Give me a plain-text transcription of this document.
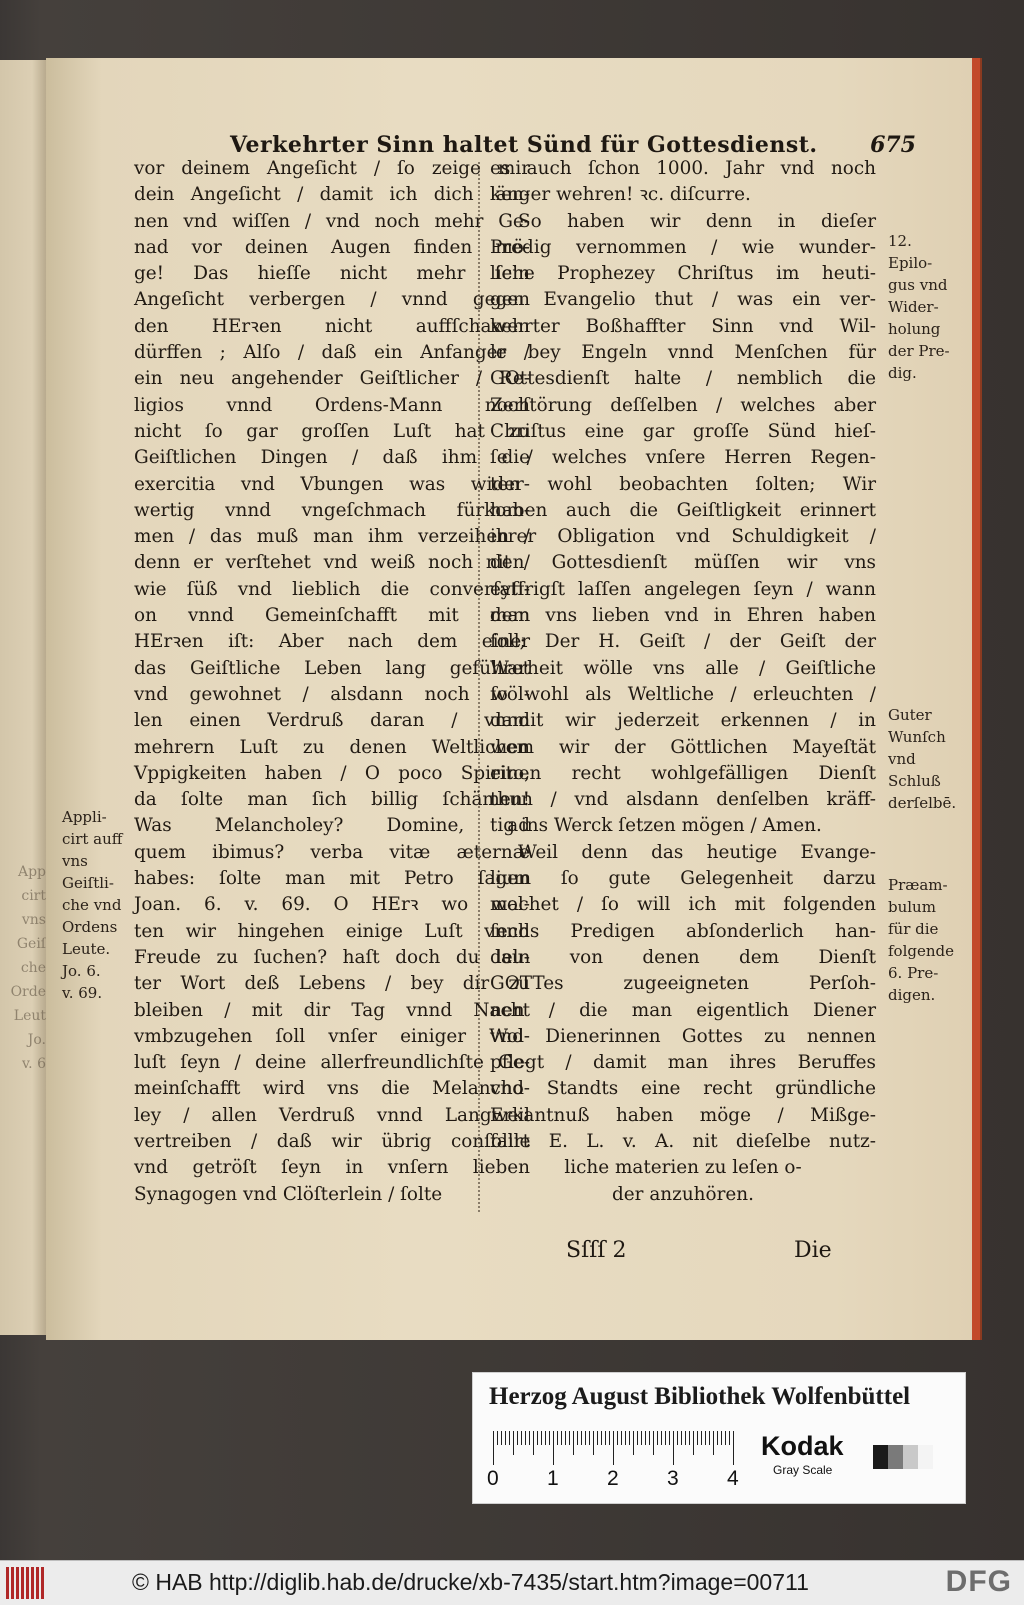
App
cirt
vns
Geiſ
che
Orde
Leut
Jo.
v. 6
Verkehrter Sinn haltet Sünd für Gottesdienst. 675
vor deinem Angeſicht / ſo zeige mir
dein Angeſicht / damit ich dich ken-
nen vnd wiſſen / vnd noch mehr Ge-
nad vor deinen Augen finden mö-
ge! Das hieſſe nicht mehr ſein
Angeſicht verbergen / vnnd gegen
den HErꝛen nicht auffſchawen
dürffen ; Alſo / daß ein Anfanger /
ein neu angehender Geiſtlicher / Re-
ligios vnnd Ordens-Mann noch
nicht ſo gar groſſen Luſt hat zu
Geiſtlichen Dingen / daß ihm die
exercitia vnd Vbungen was wider-
wertig vnnd vngeſchmach fürkom-
men / das muß man ihm verzeihen /
denn er verſtehet vnd weiß noch nit /
wie ſüß vnd lieblich die converſati-
on vnnd Gemeinſchafft mit dem
HErꝛen iſt: Aber nach dem einer
das Geiſtliche Leben lang geführet
vnd gewohnet / alsdann noch wöl-
len einen Verdruß daran / vnnd
mehrern Luſt zu denen Weltlichen
Vppigkeiten haben / O poco Spirito,
da ſolte man ſich billig ſchämen!
Was Melancholey? Domine, ad
quem ibimus? verba vitæ æternæ
habes: ſolte man mit Petro ſagen
Joan. 6. v. 69. O HErꝛ wo wol-
ten wir hingehen einige Luſt vnnd
Freude zu ſuchen? haſt doch du lau-
ter Wort deß Lebens / bey dir zu
bleiben / mit dir Tag vnnd Nacht
vmbzugehen ſoll vnſer einiger Wol-
luſt ſeyn / deine allerfreundlichſte Ge-
meinſchafft wird vns die Melancho-
ley / allen Verdruß vnnd Langweil
vertreiben / daß wir übrig conſolirt
vnd getröſt ſeyn in vnſern lieben
Synagogen vnd Clöſterlein / ſolte
es auch ſchon 1000. Jahr vnd noch
länger wehren! ꝛc. diſcurre.
So haben wir denn in dieſer
Predig vernommen / wie wunder-
liche Prophezey Chriſtus im heuti-
gen Evangelio thut / was ein ver-
kehrter Boßhaffter Sinn vnd Wil-
le bey Engeln vnnd Menſchen für
GOttesdienſt halte / nemblich die
Zerſtörung deſſelben / welches aber
Chriſtus eine gar groſſe Sünd hieſ-
ſe / welches vnſere Herren Regen-
ten wohl beobachten ſolten; Wir
haben auch die Geiſtligkeit erinnert
ihrer Obligation vnd Schuldigkeit /
den Gottesdienſt müſſen wir vns
eyffrigſt laſſen angelegen ſeyn / wann
man vns lieben vnd in Ehren haben
ſoll; Der H. Geiſt / der Geiſt der
Warheit wölle vns alle / Geiſtliche
ſo wohl als Weltliche / erleuchten /
damit wir jederzeit erkennen / in
wem wir der Göttlichen Mayeſtät
einen recht wohlgefälligen Dienſt
thun / vnd alsdann denſelben kräff-
tig ins Werck ſetzen mögen / Amen.
Weil denn das heutige Evange-
lium ſo gute Gelegenheit darzu
machet / ſo will ich mit folgenden
ſechs Predigen abſonderlich han-
deln von denen dem Dienſt
GOTTes zugeeigneten Perſoh-
nen / die man eigentlich Diener
vnd Dienerinnen Gottes zu nennen
pflegt / damit man ihres Beruffes
vnd Standts eine recht gründliche
Erkantnuß haben möge / Mißge-
falle E. L. v. A. nit dieſelbe nutz-
liche materien zu leſen o-
der anzuhören.
Appli-
cirt auff
vns
Geiſtli-
che vnd
Ordens
Leute.
Jo. 6.
v. 69.
12.
Epilo-
gus vnd
Wider-
holung
der Pre-
dig.
Guter
Wunſch
vnd
Schluß
derſelbē.
Præam-
bulum
für die
folgende
6. Pre-
digen.
Sſſſ 2	Die
Herzog August Bibliothek Wolfenbüttel
0 1 2 3 4
Kodak
Gray Scale
© HAB http://diglib.hab.de/drucke/xb-7435/start.htm?image=00711	DFG
